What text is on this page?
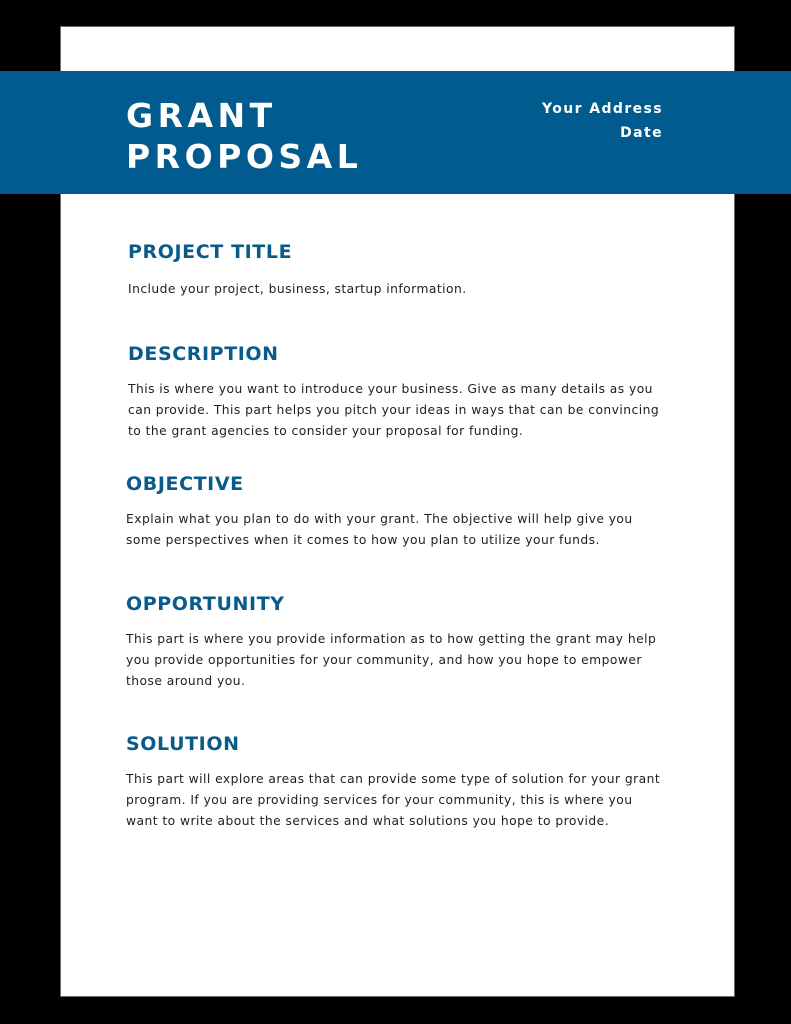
GRANT
PROPOSAL
Your Address
Date
PROJECT TITLE

Include your project, business, startup information.

DESCRIPTION

This is where you want to introduce your business. Give as many details as you
can provide. This part helps you pitch your ideas in ways that can be convincing
to the grant agencies to consider your proposal for funding.

OBJECTIVE

Explain what you plan to do with your grant. The objective will help give you
some perspectives when it comes to how you plan to utilize your funds.

OPPORTUNITY

This part is where you provide information as to how getting the grant may help
you provide opportunities for your community, and how you hope to empower
those around you.

SOLUTION

This part will explore areas that can provide some type of solution for your grant
program. If you are providing services for your community, this is where you
want to write about the services and what solutions you hope to provide.
